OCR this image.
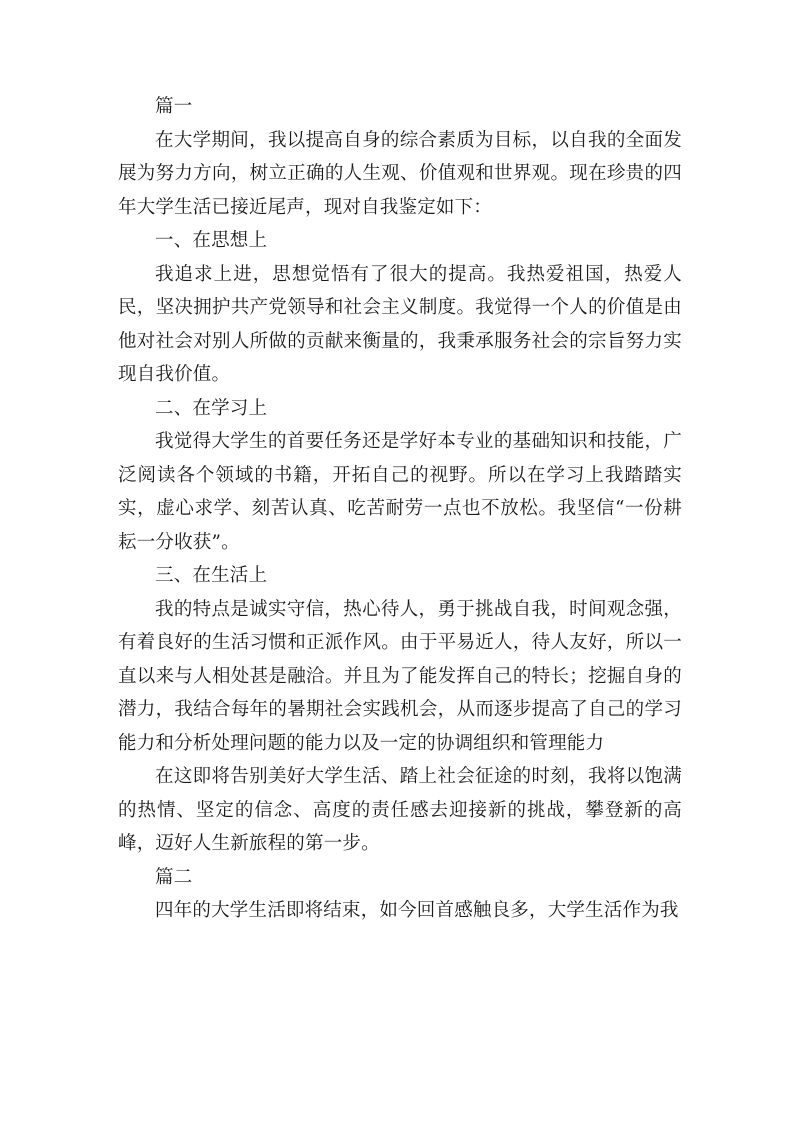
篇一

在大学期间，我以提高自身的综合素质为目标，以自我的全面发展为努力方向，树立正确的人生观、价值观和世界观。现在珍贵的四年大学生活已接近尾声，现对自我鉴定如下：

一、在思想上

我追求上进，思想觉悟有了很大的提高。我热爱祖国，热爱人民，坚决拥护共产党领导和社会主义制度。我觉得一个人的价值是由他对社会对别人所做的贡献来衡量的，我秉承服务社会的宗旨努力实现自我价值。

二、在学习上

我觉得大学生的首要任务还是学好本专业的基础知识和技能，广泛阅读各个领域的书籍，开拓自己的视野。所以在学习上我踏踏实实，虚心求学、刻苦认真、吃苦耐劳一点也不放松。我坚信“一份耕耘一分收获”。

三、在生活上

我的特点是诚实守信，热心待人，勇于挑战自我，时间观念强，有着良好的生活习惯和正派作风。由于平易近人，待人友好，所以一直以来与人相处甚是融洽。并且为了能发挥自己的特长；挖掘自身的潜力，我结合每年的暑期社会实践机会，从而逐步提高了自己的学习能力和分析处理问题的能力以及一定的协调组织和管理能力

在这即将告别美好大学生活、踏上社会征途的时刻，我将以饱满的热情、坚定的信念、高度的责任感去迎接新的挑战，攀登新的高峰，迈好人生新旅程的第一步。

篇二

四年的大学生活即将结束，如今回首感触良多，大学生活作为我
